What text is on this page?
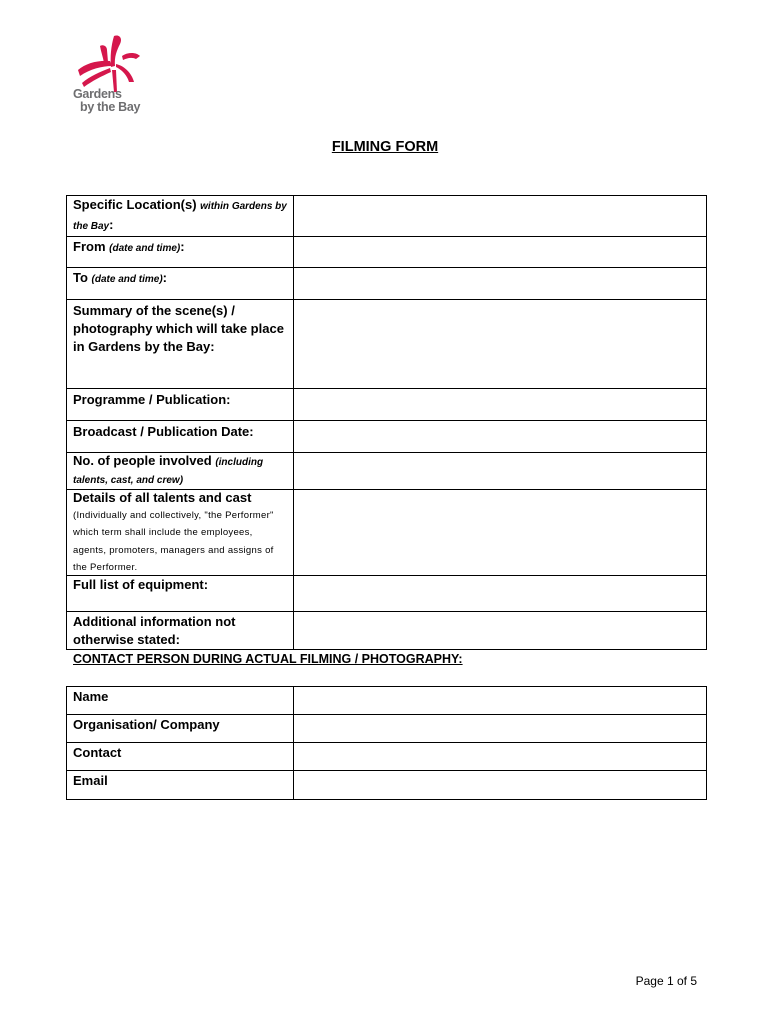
Gardens
by the Bay
FILMING FORM
Specific Location(s) within Gardens by the Bay:	
From (date and time):	
To (date and time):	
Summary of the scene(s) / photography which will take place in Gardens by the Bay:	
Programme / Publication:	
Broadcast / Publication Date:	
No. of people involved (including talents, cast, and crew)	
Details of all talents and cast
(Individually and collectively, "the Performer" which term shall include the employees, agents, promoters, managers and assigns of the Performer.	
Full list of equipment:	
Additional information not otherwise stated:	
CONTACT PERSON DURING ACTUAL FILMING / PHOTOGRAPHY:
Name	
Organisation/ Company	
Contact	
Email	
Page 1 of 5
